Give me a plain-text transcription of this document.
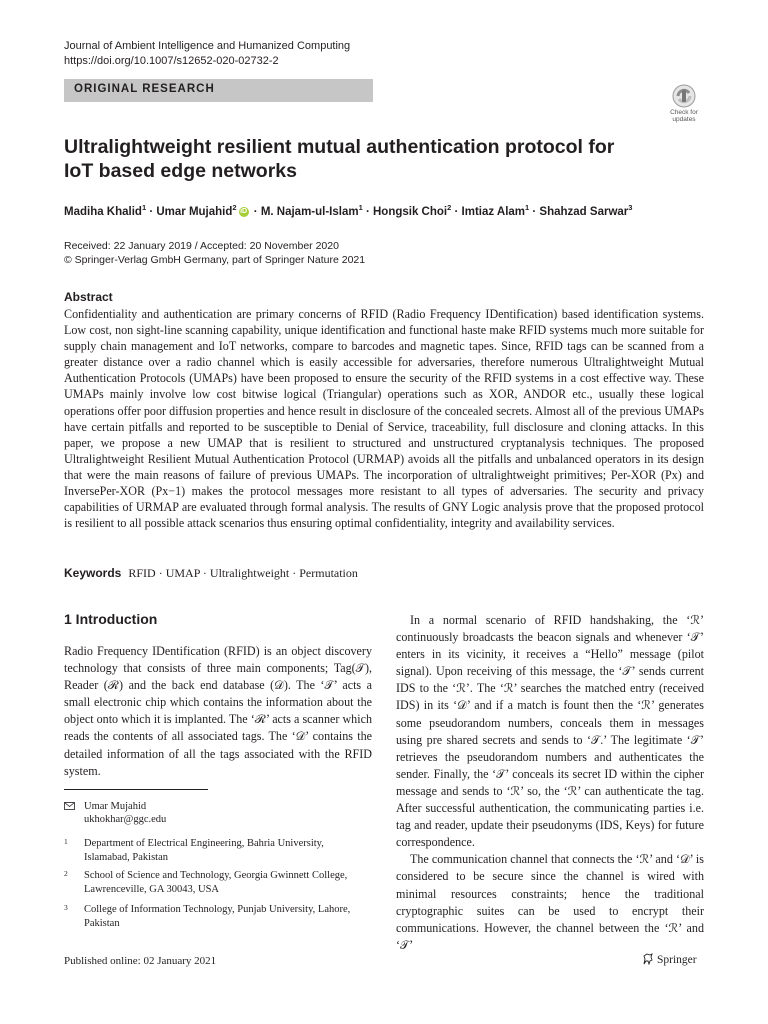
Journal of Ambient Intelligence and Humanized Computing
https://doi.org/10.1007/s12652-020-02732-2
ORIGINAL RESEARCH
Check for updates
Ultralightweight resilient mutual authentication protocol for IoT based edge networks
Madiha Khalid$^1$ · Umar Mujahid$^2$ iD · M. Najam-ul-Islam$^1$ · Hongsik Choi$^2$ · Imtiaz Alam$^1$ · Shahzad Sarwar$^3$
Received: 22 January 2019 / Accepted: 20 November 2020
© Springer-Verlag GmbH Germany, part of Springer Nature 2021
Abstract

Confidentiality and authentication are primary concerns of RFID (Radio Frequency IDentification) based identification systems. Low cost, non sight-line scanning capability, unique identification and functional haste make RFID systems much more suitable for supply chain management and IoT networks, compare to barcodes and magnetic tapes. Since, RFID tags can be scanned from a greater distance over a radio channel which is easily accessible for adversaries, therefore numerous Ultralightweight Mutual Authentication Protocols (UMAPs) have been proposed to ensure the security of the RFID systems in a cost effective way. These UMAPs mainly involve low cost bitwise logical (Triangular) operations such as XOR, ANDOR etc., usually these logical operations offer poor diffusion properties and hence result in disclosure of the concealed secrets. Almost all of the previous UMAPs have certain pitfalls and reported to be susceptible to Denial of Service, traceability, full disclosure and cloning attacks. In this paper, we propose a new UMAP that is resilient to structured and unstructured cryptanalysis techniques. The proposed Ultralightweight Resilient Mutual Authentication Protocol (URMAP) avoids all the pitfalls and unbalanced operators in its design that were the main reasons of failure of previous UMAPs. The incorporation of ultralightweight primitives; Per-XOR (Px) and InversePer-XOR (Px−1) makes the protocol messages more resistant to all types of adversaries. The security and privacy capabilities of URMAP are evaluated through formal analysis. The results of GNY Logic analysis prove that the proposed protocol is resilient to all possible attack scenarios thus ensuring optimal confidentiality, integrity and availability services.

Keywords RFID · UMAP · Ultralightweight · Permutation
1 Introduction
Radio Frequency IDentification (RFID) is an object discovery technology that consists of three main components; Tag(𝒯), Reader (ℛ) and the back end database (𝒟). The ‘𝒯’ acts a small electronic chip which contains the information about the object onto which it is implanted. The ‘ℛ’ acts a scanner which reads the contents of all associated tags. The ‘𝒟’ contains the detailed information of all the tags associated with the RFID system.
Umar Mujahid
ukhokhar@ggc.edu
1 Department of Electrical Engineering, Bahria University, Islamabad, Pakistan
2 School of Science and Technology, Georgia Gwinnett College, Lawrenceville, GA 30043, USA
3 College of Information Technology, Punjab University, Lahore, Pakistan

In a normal scenario of RFID handshaking, the ‘ℛ’ continuously broadcasts the beacon signals and whenever ‘𝒯’ enters in its vicinity, it receives a “Hello” message (pilot signal). Upon receiving of this message, the ‘𝒯’ sends current IDS to the ‘ℛ’. The ‘ℛ’ searches the matched entry (received IDS) in its ‘𝒟’ and if a match is fount then the ‘ℛ’ generates some pseudorandom numbers, conceals them in messages using pre shared secrets and sends to ‘𝒯.’ The legitimate ‘𝒯’ retrieves the pseudorandom numbers and authenticates the sender. Finally, the ‘𝒯’ conceals its secret ID within the cipher message and sends to ‘ℛ’ so, the ‘ℛ’ can authenticate the tag. After successful authentication, the communicating parties i.e. tag and reader, update their pseudonyms (IDS, Keys) for future correspondence.

The communication channel that connects the ‘ℛ’ and ‘𝒟’ is considered to be secure since the channel is wired with minimal resources constraints; hence the traditional cryptographic suites can be used to encrypt their communications. However, the channel between the ‘ℛ’ and ‘𝒯’

Published online: 02 January 2021	Springer
